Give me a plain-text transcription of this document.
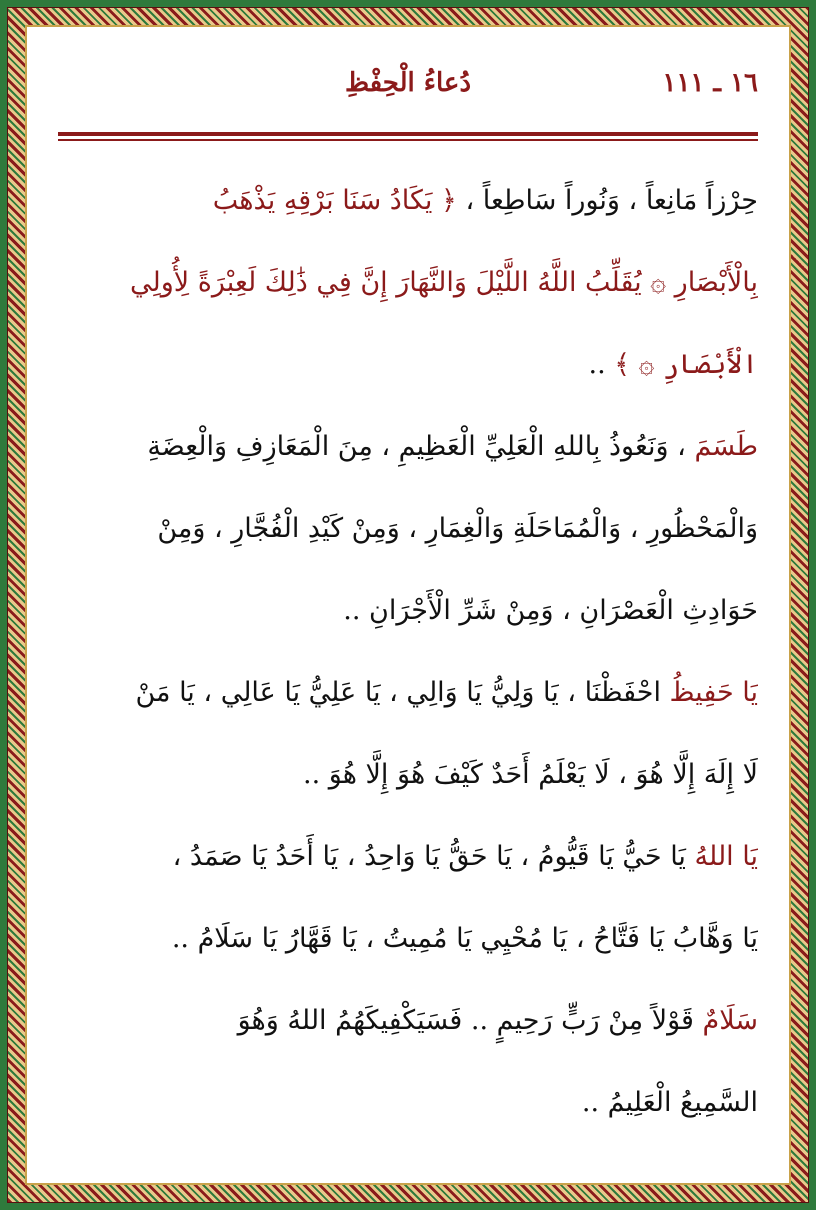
١٦ ـ ١١١
دُعاءُ الْحِفْظِ
حِرْزاً مَانِعاً ، وَنُوراً سَاطِعاً ، ﴿ يَكَادُ سَنَا بَرْقِهِ يَذْهَبُ
بِالْأَبْصَارِ ۞ يُقَلِّبُ اللَّهُ اللَّيْلَ وَالنَّهَارَ إِنَّ فِي ذَٰلِكَ لَعِبْرَةً لِأُولِي
الْأَبْصَارِ ۞ ﴾ ..
طَسَمَ ، وَنَعُوذُ بِاللهِ الْعَلِيِّ الْعَظِيمِ ، مِنَ الْمَعَازِفِ وَالْعِضَةِ
وَالْمَحْظُورِ ، وَالْمُمَاحَلَةِ وَالْغِمَارِ ، وَمِنْ كَيْدِ الْفُجَّارِ ، وَمِنْ
حَوَادِثِ الْعَصْرَانِ ، وَمِنْ شَرِّ الْأَجْرَانِ ..
يَا حَفِيظُ احْفَظْنَا ، يَا وَلِيُّ يَا وَالِي ، يَا عَلِيُّ يَا عَالِي ، يَا مَنْ
لَا إِلَهَ إِلَّا هُوَ ، لَا يَعْلَمُ أَحَدٌ كَيْفَ هُوَ إِلَّا هُوَ ..
يَا اللهُ يَا حَيُّ يَا قَيُّومُ ، يَا حَقُّ يَا وَاحِدُ ، يَا أَحَدُ يَا صَمَدُ ،
يَا وَهَّابُ يَا فَتَّاحُ ، يَا مُحْيِي يَا مُمِيتُ ، يَا قَهَّارُ يَا سَلَامُ ..
سَلَامٌ قَوْلاً مِنْ رَبٍّ رَحِيمٍ .. فَسَيَكْفِيكَهُمُ اللهُ وَهُوَ
السَّمِيعُ الْعَلِيمُ ..
